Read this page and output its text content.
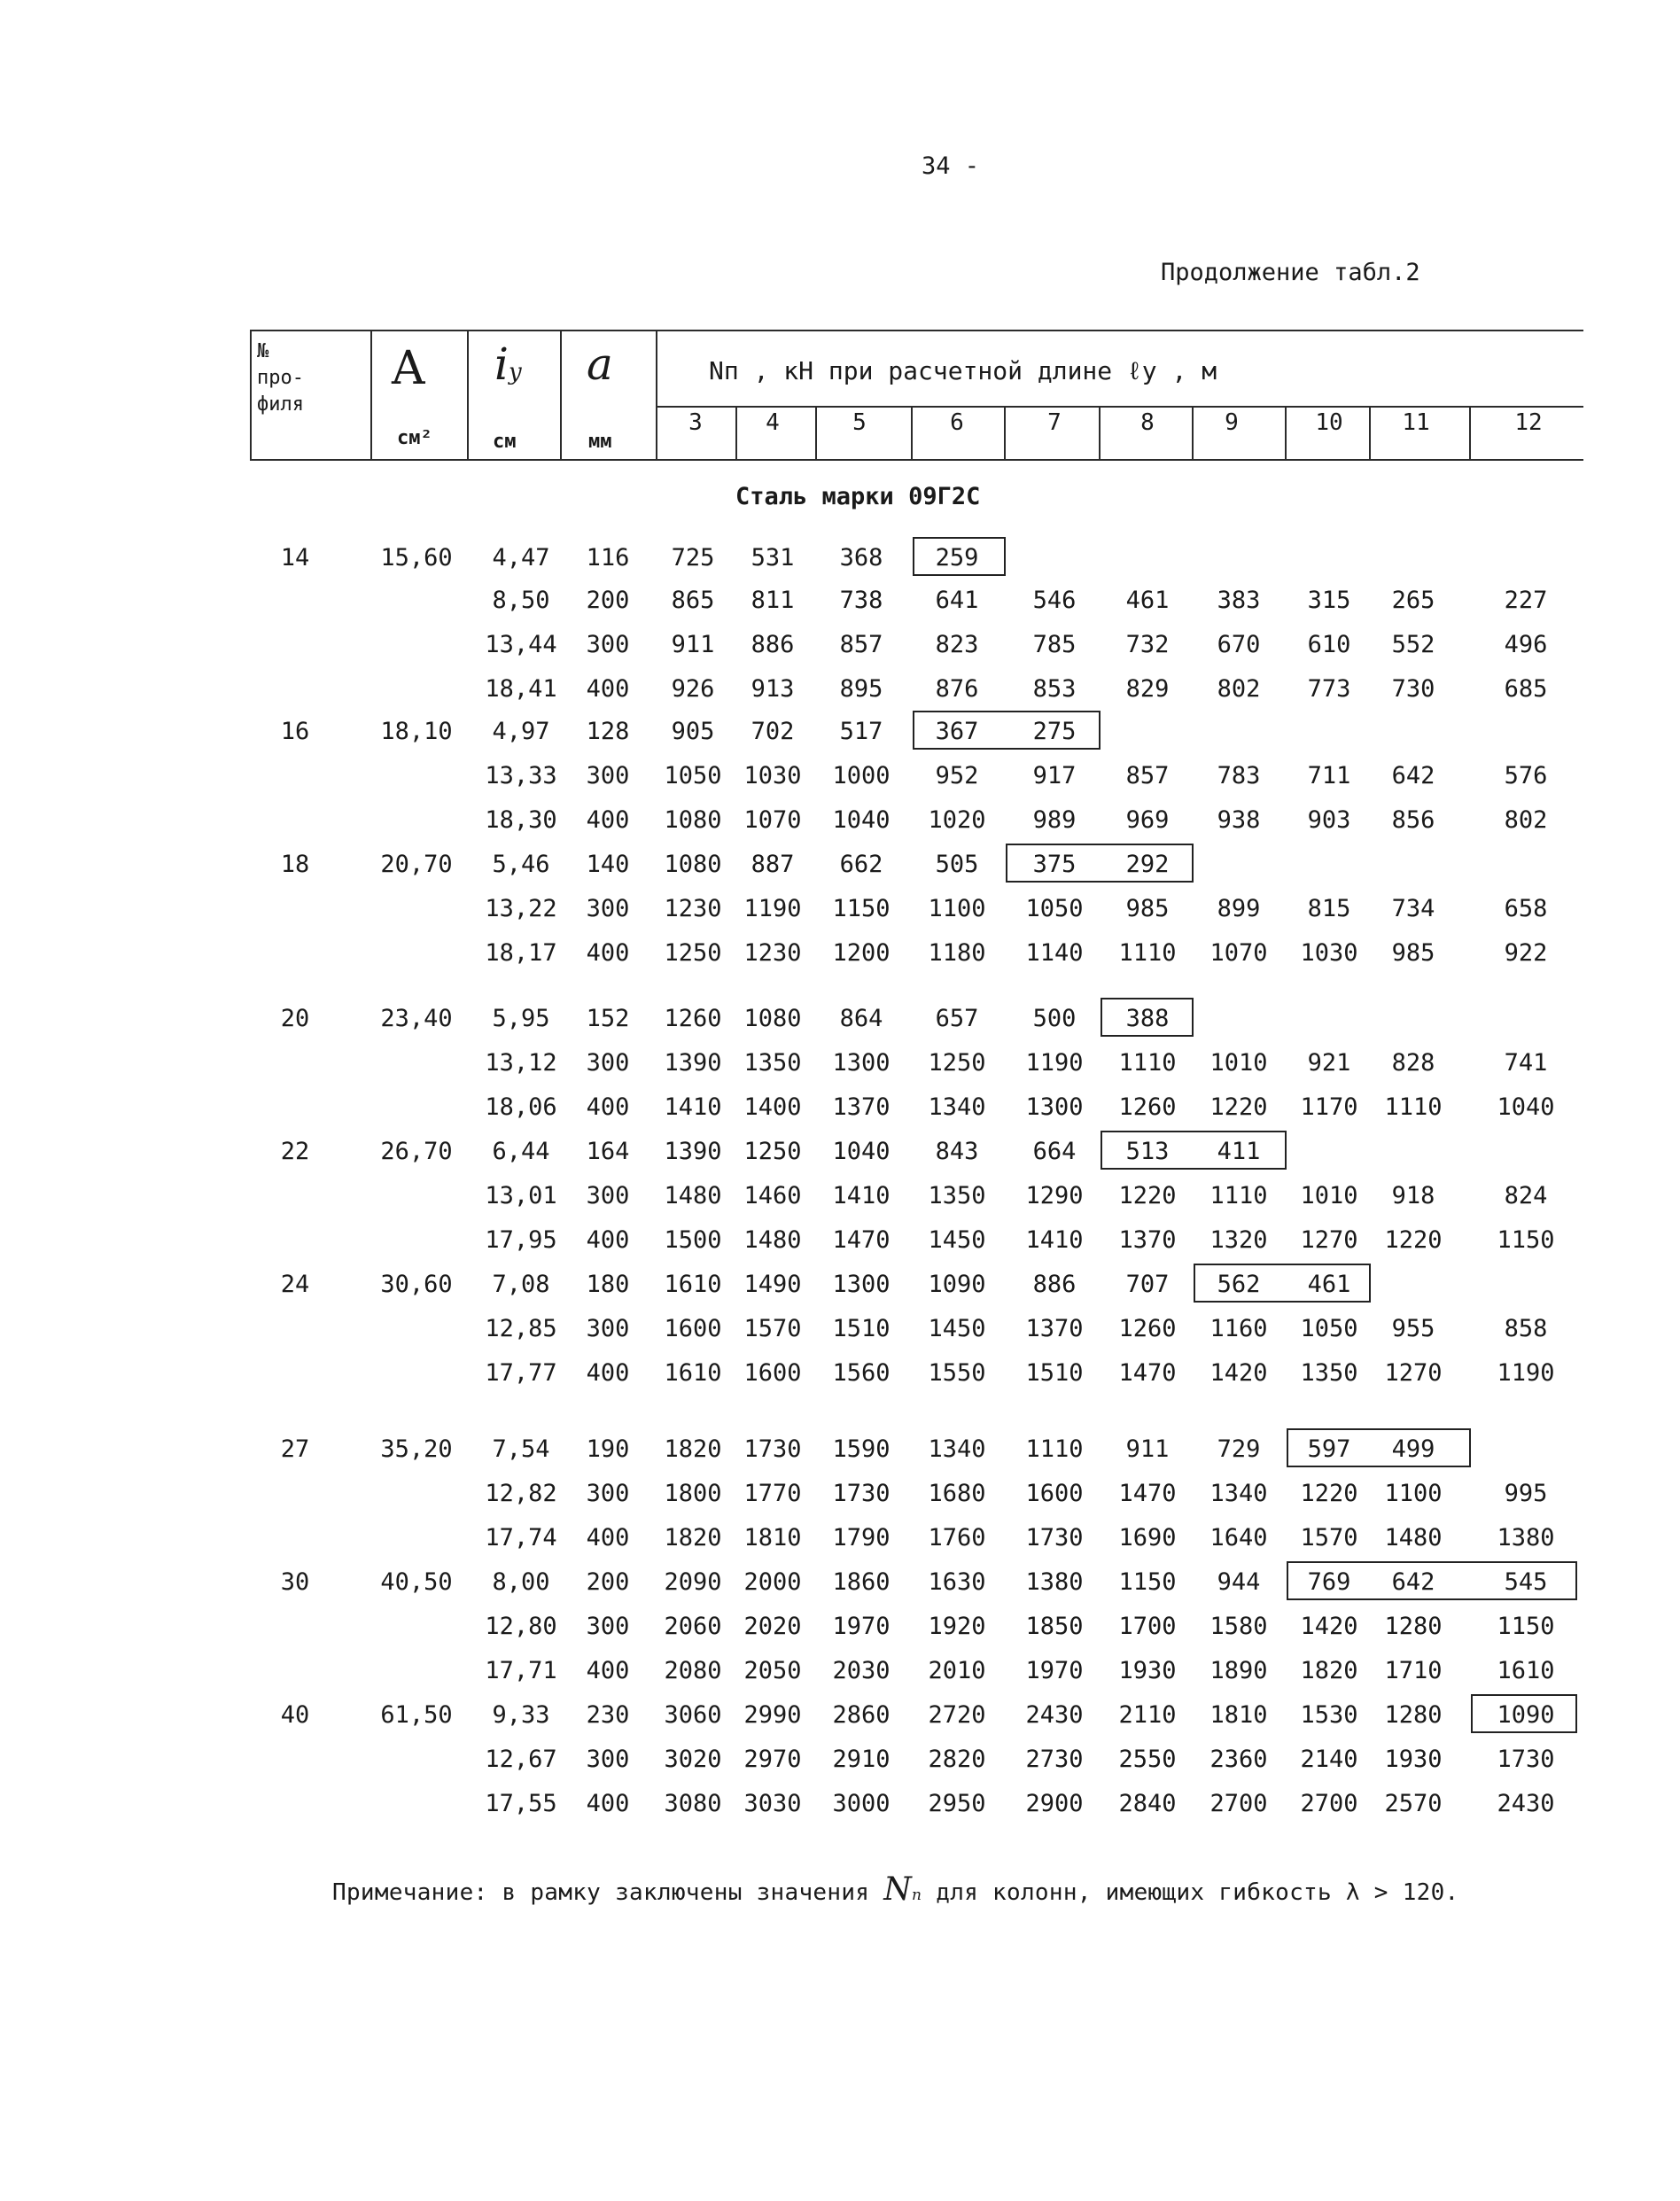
34 -
Продолжение табл.2
№
про-
филя
A
см²
iy
см
a
мм
Nп , кН при расчетной длине ℓy , м
3	4	5	6	7	8	9	10	11	12
Сталь марки 09Г2С
14	15,60	4,47	116	725	531	368	259
8,50	200	865	811	738	641	546	461	383	315	265	227
13,44	300	911	886	857	823	785	732	670	610	552	496
18,41	400	926	913	895	876	853	829	802	773	730	685
16	18,10	4,97	128	905	702	517	367	275
13,33	300	1050 1030	1000	952	917	857	783	711	642	576
18,30	400	1080 1070	1040	1020	989	969	938	903	856	802
18	20,70	5,46	140	1080	887	662	505	375	292
13,22	300	1230 1190	1150	1100	1050	985	899	815	734	658
18,17	400	1250 1230	1200	1180	1140	1110	1070	1030	985	922
20	23,40	5,95	152	1260 1080	864	657	500	388
13,12	300	1390 1350	1300	1250	1190	1110	1010	921	828	741
18,06	400	1410 1400	1370	1340	1300	1260	1220	1170	1110	1040
22	26,70	6,44	164	1390 1250	1040	843	664	513	411
13,01	300	1480 1460	1410	1350	1290	1220	1110	1010	918	824
17,95	400	1500 1480	1470	1450	1410	1370	1320	1270	1220	1150
24	30,60	7,08	180	1610 1490	1300	1090	886	707	562	461
12,85	300	1600 1570	1510	1450	1370	1260	1160	1050	955	858
17,77	400	1610 1600	1560	1550	1510	1470	1420	1350	1270	1190
27	35,20	7,54	190	1820 1730	1590	1340	1110	911	729	597	499
12,82	300	1800 1770	1730	1680	1600	1470	1340	1220	1100	995
17,74	400	1820 1810	1790	1760	1730	1690	1640	1570	1480	1380
30	40,50	8,00	200	2090 2000	1860	1630	1380	1150	944	769	642	545
12,80	300	2060 2020	1970	1920	1850	1700	1580	1420	1280	1150
17,71	400	2080 2050	2030	2010	1970	1930	1890	1820	1710	1610
40	61,50	9,33	230	3060 2990	2860	2720	2430	2110	1810	1530	1280	1090
12,67	300	3020 2970	2910	2820	2730	2550	2360	2140	1930	1730
17,55	400	3080 3030	3000	2950	2900	2840	2700	2700	2570	2430
Примечание: в рамку заключены значения Nп для колонн, имеющих гибкость λ > 120.
